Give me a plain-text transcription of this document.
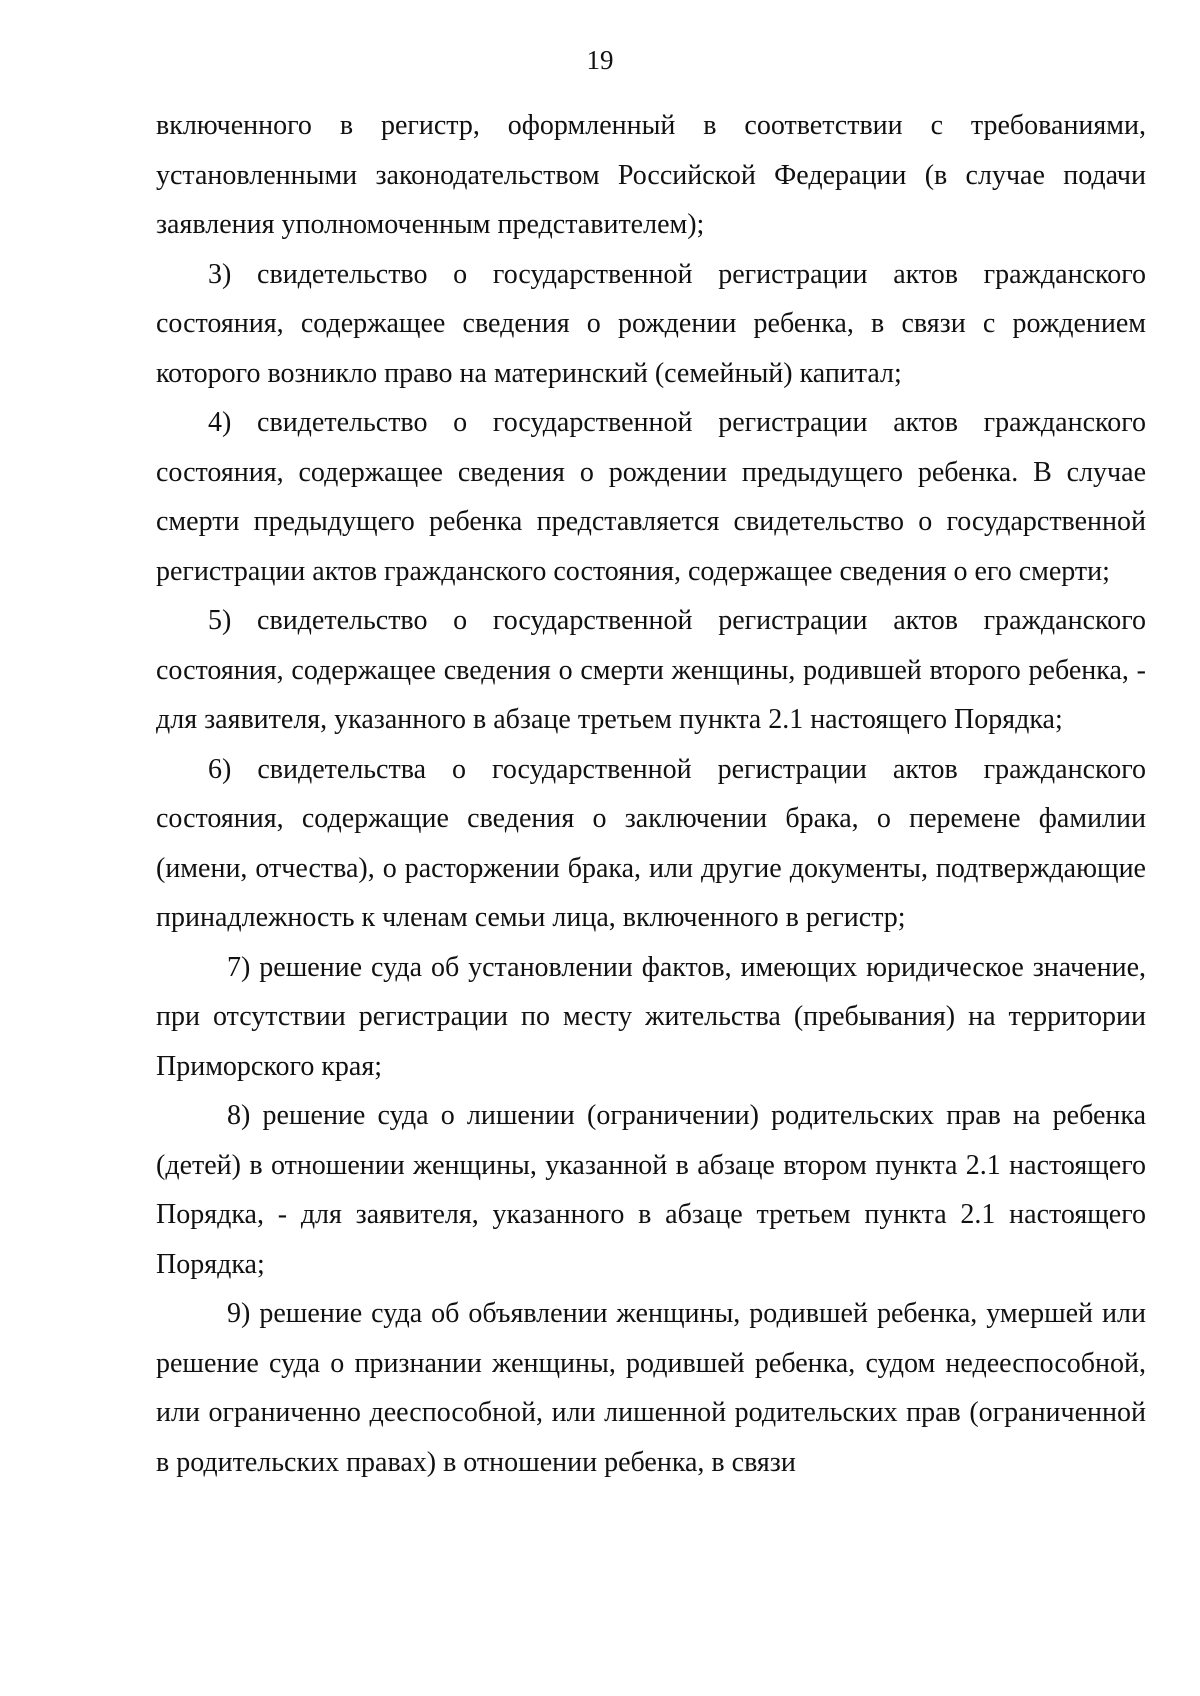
19

включенного в регистр, оформленный в соответствии с требованиями, установленными законодательством Российской Федерации (в случае подачи заявления уполномоченным представителем);

3) свидетельство о государственной регистрации актов гражданского состояния, содержащее сведения о рождении ребенка, в связи с рождением которого возникло право на материнский (семейный) капитал;

4) свидетельство о государственной регистрации актов гражданского состояния, содержащее сведения о рождении предыдущего ребенка. В случае смерти предыдущего ребенка представляется свидетельство о государственной регистрации актов гражданского состояния, содержащее сведения о его смерти;

5) свидетельство о государственной регистрации актов гражданского состояния, содержащее сведения о смерти женщины, родившей второго ребенка, - для заявителя, указанного в абзаце третьем пункта 2.1 настоящего Порядка;

6) свидетельства о государственной регистрации актов гражданского состояния, содержащие сведения о заключении брака, о перемене фамилии (имени, отчества), о расторжении брака, или другие документы, подтверждающие принадлежность к членам семьи лица, включенного в регистр;

7) решение суда об установлении фактов, имеющих юридическое значение, при отсутствии регистрации по месту жительства (пребывания) на территории Приморского края;

8) решение суда о лишении (ограничении) родительских прав на ребенка (детей) в отношении женщины, указанной в абзаце втором пункта 2.1 настоящего Порядка, - для заявителя, указанного в абзаце третьем пункта 2.1 настоящего Порядка;

9) решение суда об объявлении женщины, родившей ребенка, умершей или решение суда о признании женщины, родившей ребенка, судом недееспособной, или ограниченно дееспособной, или лишенной родительских прав (ограниченной в родительских правах) в отношении ребенка, в связи
